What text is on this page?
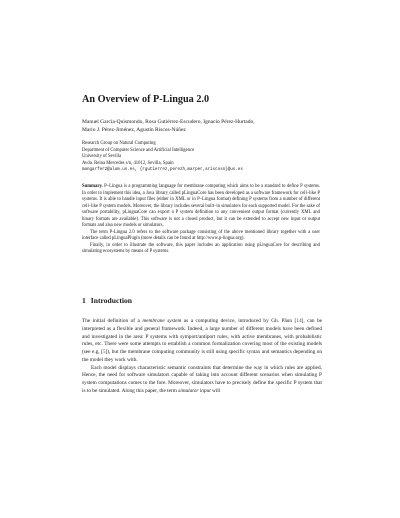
An Overview of P-Lingua 2.0
Manuel García-Quismondo, Rosa Gutiérrez-Escudero, Ignacio Pérez-Hurtado,
Mario J. Pérez-Jiménez, Agustín Riscos-Núñez
Research Group on Natural Computing
Department of Computer Science and Artificial Intelligence
University of Sevilla
Avda. Reina Mercedes s/n, 41012, Sevilla, Spain
mangarfer2@alum.us.es, {rgutierrez,perezh,marper,ariscosn}@us.es

Summary. P–Lingua is a programming language for membrane computing which aims to be a standard to define P systems. In order to implement this idea, a Java library called pLinguaCore has been developed as a software framework for cell–like P systems. It is able to handle input files (either in XML or in P–Lingua format) defining P systems from a number of different cell–like P system models. Moreover, the library includes several built–in simulators for each supported model. For the sake of software portability, pLinguaCore can export a P system definition to any convenient output format (currently XML and binary formats are available). This software is not a closed product, but it can be extended to accept new input or output formats and also new models or simulators.

The term P-Lingua 2.0 refers to the software package consisting of the above mentioned library together with a user interface called pLinguaPlugin (more details can be found at http://www.p-lingua.org).

Finally, in order to illustrate the software, this paper includes an application using pLinguaCore for describing and simulating ecosystems by means of P systems.

1 Introduction

The initial definition of a membrane system as a computing device, introduced by Gh. Păun [ 14 ] , can be interpreted as a flexible and general framework. Indeed, a large number of different models have been defined and investigated in the area: P systems with symport/antiport rules, with active membranes, with probabilistic rules, etc. There were some attempts to establish a common formalization covering most of the existing models (see e.g, [ 5 ] ), but the membrane computing community is still using specific syntax and semantics depending on the model they work with.

Each model displays characteristic semantic constraints that determine the way in which rules are applied. Hence, the need for software simulators capable of taking into account different scenarios when simulating P system computations comes to the fore. Moreover, simulators have to precisely define the specific P system that is to be simulated. Along this paper, the term simulator input will
